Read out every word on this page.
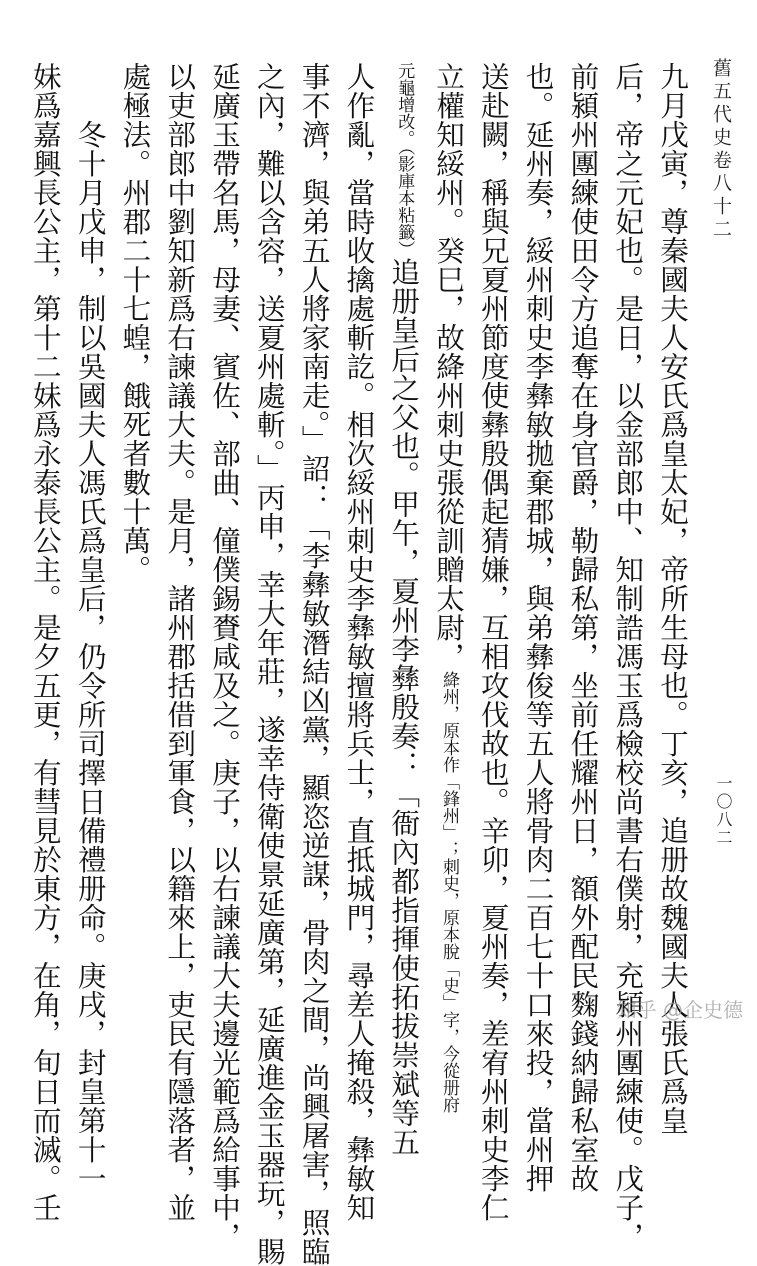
舊五代史卷八十二
一〇八二
九月戊寅，尊秦國夫人安氏爲皇太妃，帝所生母也。丁亥，追册故魏國夫人張氏爲皇
后，帝之元妃也。是日，以金部郎中、知制誥馮玉爲檢校尚書右僕射，充潁州團練使。戊子，
前潁州團練使田令方追奪在身官爵，勒歸私第，坐前任耀州日，額外配民麴錢納歸私室故
也。延州奏，綏州刺史李彝敏拋棄郡城，與弟彝俊等五人將骨肉二百七十口來投，當州押
送赴闕，稱與兄夏州節度使彝殷偶起猜嫌，互相攻伐故也。辛卯，夏州奏，差宥州刺史李仁
立權知綏州。癸巳，故絳州刺史張從訓贈太尉，絳州，原本作「鋒州」；刺史，原本脫「史」字，今從册府
元龜增改。（影庫本粘籤）追册皇后之父也。甲午，夏州李彝殷奏：「衙內都指揮使拓拔崇斌等五
人作亂，當時收擒處斬訖。相次綏州刺史李彝敏擅將兵士，直抵城門，尋差人掩殺，彝敏知
事不濟，與弟五人將家南走。」詔：「李彝敏潛結凶黨，顯恣逆謀，骨肉之間，尚興屠害，照臨
之內，難以含容，送夏州處斬。」丙申，幸大年莊，遂幸侍衛使景延廣第，延廣進金玉器玩，賜
延廣玉帶名馬，母妻、賓佐、部曲、僮僕錫賚咸及之。庚子，以右諫議大夫邊光範爲給事中，
以吏部郎中劉知新爲右諫議大夫。是月，諸州郡括借到軍食，以籍來上，吏民有隱落者，並
處極法。州郡二十七蝗，餓死者數十萬。
冬十月戊申，制以吳國夫人馮氏爲皇后，仍令所司擇日備禮册命。庚戌，封皇第十一
妹爲嘉興長公主，第十二妹爲永泰長公主。是夕五更，有彗見於東方，在角，旬日而滅。壬	知乎 @企史德
